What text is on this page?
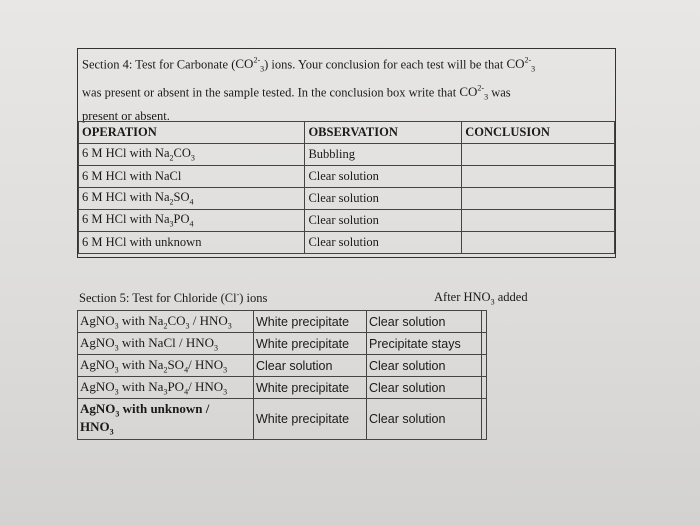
Section 4: Test for Carbonate $(CO^{2-}_3)$ ions. Your conclusion for each test will be that $CO^{2-}_3$
was present or absent in the sample tested. In the conclusion box write that $CO^{2-}_3$ was
present or absent.
OPERATION	OBSERVATION	CONCLUSION
6 M HCl with $Na_2CO_3$	Bubbling	
6 M HCl with NaCl	Clear solution	
6 M HCl with $Na_2SO_4$	Clear solution	
6 M HCl with $Na_3PO_4$	Clear solution	
6 M HCl with unknown	Clear solution	
Section 5: Test for Chloride (Cl-) ions	After $HNO_3$ added
AgNO$_3$ with $Na_2CO_3 / HNO_3$	White precipitate	Clear solution	
AgNO$_3$ with NaCl / $HNO_3$	White precipitate	Precipitate stays	
AgNO$_3$ with $Na_2SO_4/$ $HNO_3$	Clear solution	Clear solution	
AgNO$_3$ with $Na_3PO_4/$ $HNO_3$	White precipitate	Clear solution	
AgNO$_3$ with unknown /
$HNO_3$	White precipitate	Clear solution	
